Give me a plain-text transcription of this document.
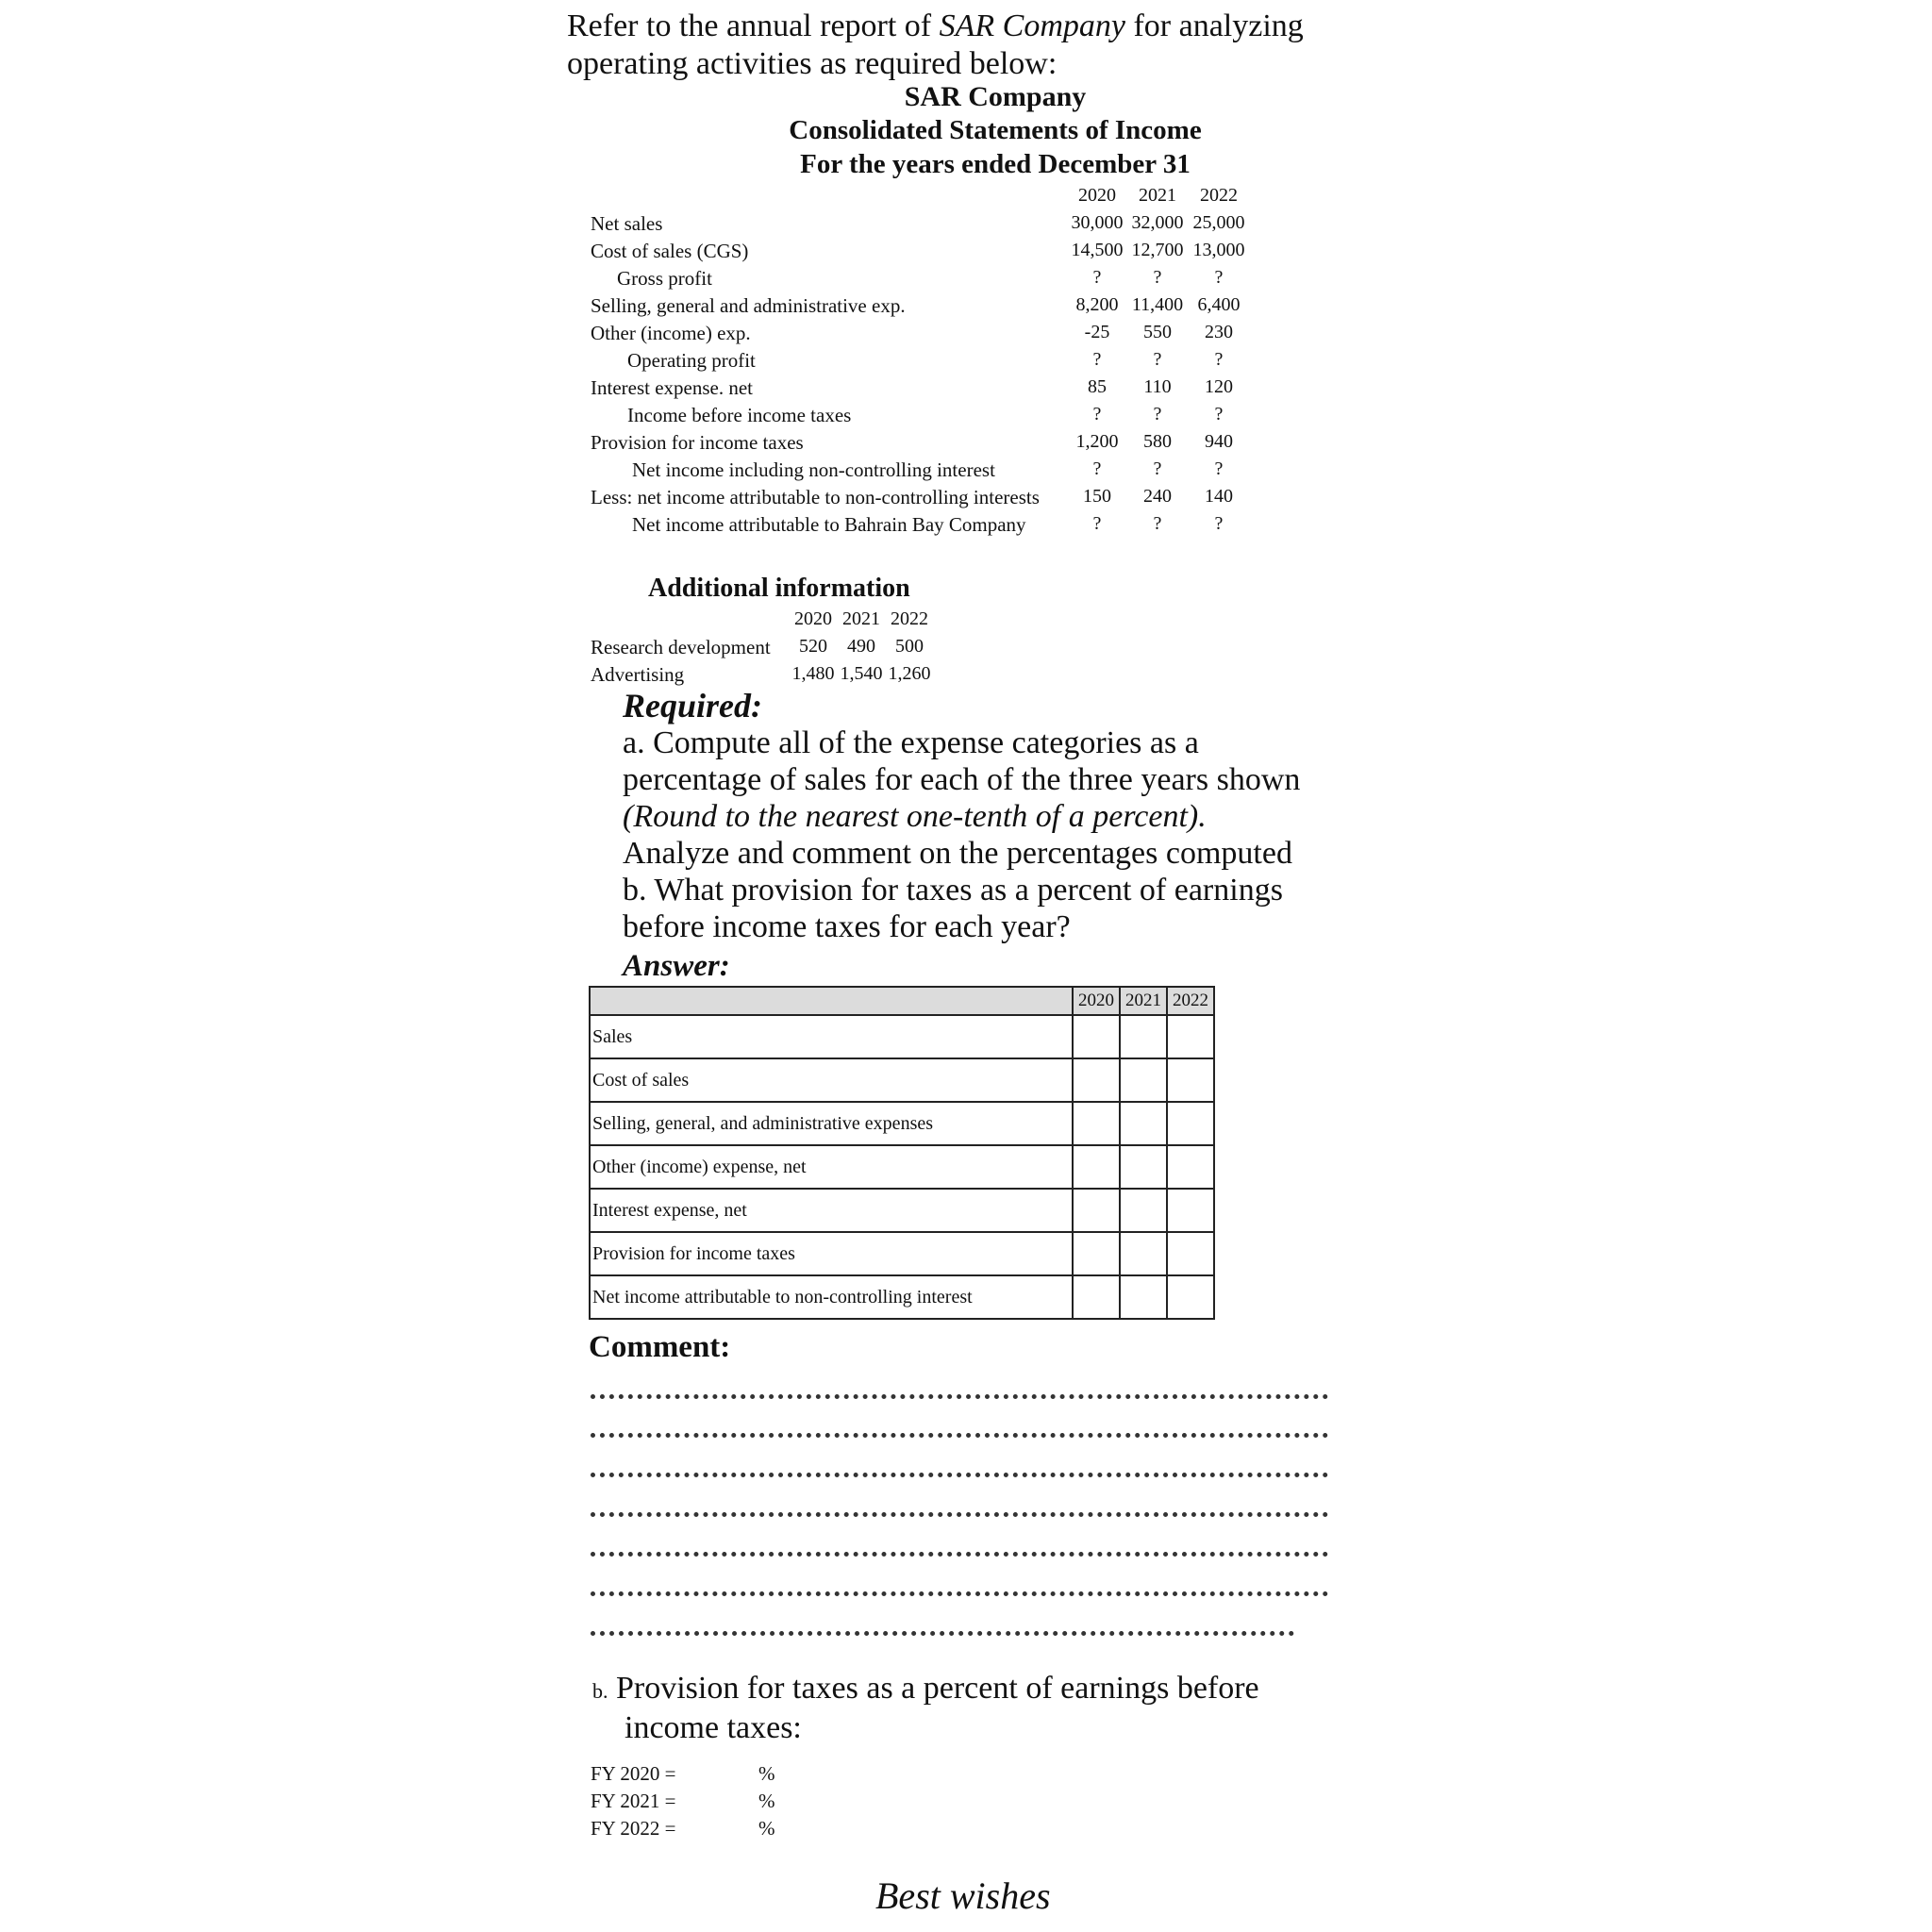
Refer to the annual report of SAR Company for analyzing
operating activities as required below:
SAR Company
Consolidated Statements of Income
For the years ended December 31
2020	2021	2022
Net sales	30,000 32,000 25,000
Cost of sales (CGS)	14,500 12,700 13,000
Gross profit	?	?	?
Selling, general and administrative exp.	8,200 11,400 6,400
Other (income) exp.	-25	550	230
Operating profit	?	?	?
Interest expense. net	85	110	120
Income before income taxes	?	?	?
Provision for income taxes	1,200	580	940
Net income including non-controlling interest	?	?	?
Less: net income attributable to non-controlling interests	150	240	140
Net income attributable to Bahrain Bay Company	?	?	?
Additional information
2020 2021 2022
Research development	520	490	500
Advertising	1,480 1,540 1,260
Required:
a. Compute all of the expense categories as a
percentage of sales for each of the three years shown
(Round to the nearest one-tenth of a percent).
Analyze and comment on the percentages computed
b. What provision for taxes as a percent of earnings
before income taxes for each year?
Answer:
	2020	2021	2022
Sales			
Cost of sales			
Selling, general, and administrative expenses			
Other (income) expense, net			
Interest expense, net			
Provision for income taxes			
Net income attributable to non-controlling interest			
Comment:
b. Provision for taxes as a percent of earnings before
income taxes:
FY 2020 =	%
FY 2021 =	%
FY 2022 =	%
Best wishes
